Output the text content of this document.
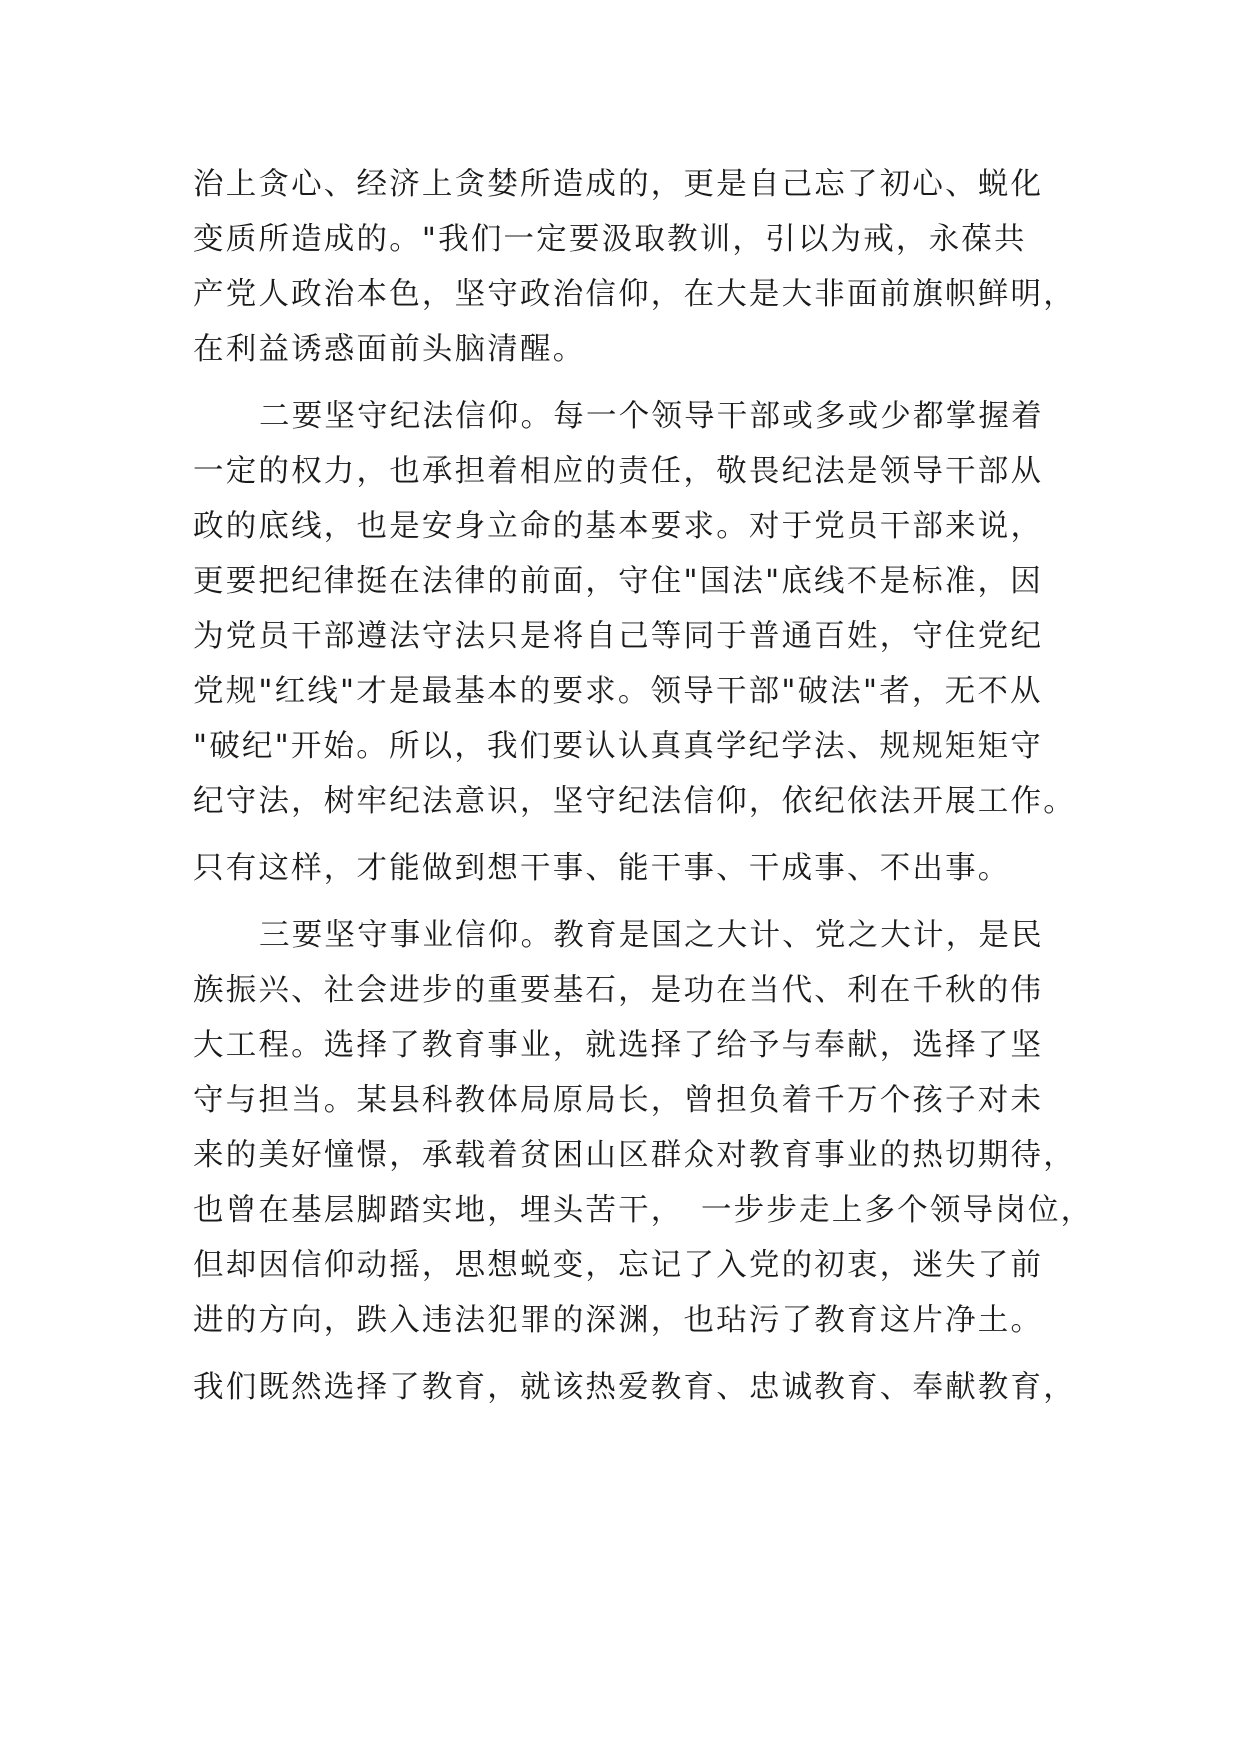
治上贪心、经济上贪婪所造成的，更是自己忘了初心、蜕化
变质所造成的。"我们一定要汲取教训，引以为戒，永葆共
产党人政治本色，坚守政治信仰，在大是大非面前旗帜鲜明，
在利益诱惑面前头脑清醒。
二要坚守纪法信仰。每一个领导干部或多或少都掌握着
一定的权力，也承担着相应的责任，敬畏纪法是领导干部从
政的底线，也是安身立命的基本要求。对于党员干部来说，
更要把纪律挺在法律的前面，守住"国法"底线不是标准，因
为党员干部遵法守法只是将自己等同于普通百姓，守住党纪
党规"红线"才是最基本的要求。领导干部"破法"者，无不从
"破纪"开始。所以，我们要认认真真学纪学法、规规矩矩守
纪守法，树牢纪法意识，坚守纪法信仰，依纪依法开展工作。
只有这样，才能做到想干事、能干事、干成事、不出事。
三要坚守事业信仰。教育是国之大计、党之大计，是民
族振兴、社会进步的重要基石，是功在当代、利在千秋的伟
大工程。选择了教育事业，就选择了给予与奉献，选择了坚
守与担当。某县科教体局原局长，曾担负着千万个孩子对未
来的美好憧憬，承载着贫困山区群众对教育事业的热切期待，
也曾在基层脚踏实地，埋头苦干，　一步步走上多个领导岗位，
但却因信仰动摇，思想蜕变，忘记了入党的初衷，迷失了前
进的方向，跌入违法犯罪的深渊，也玷污了教育这片净土。
我们既然选择了教育，就该热爱教育、忠诚教育、奉献教育，
